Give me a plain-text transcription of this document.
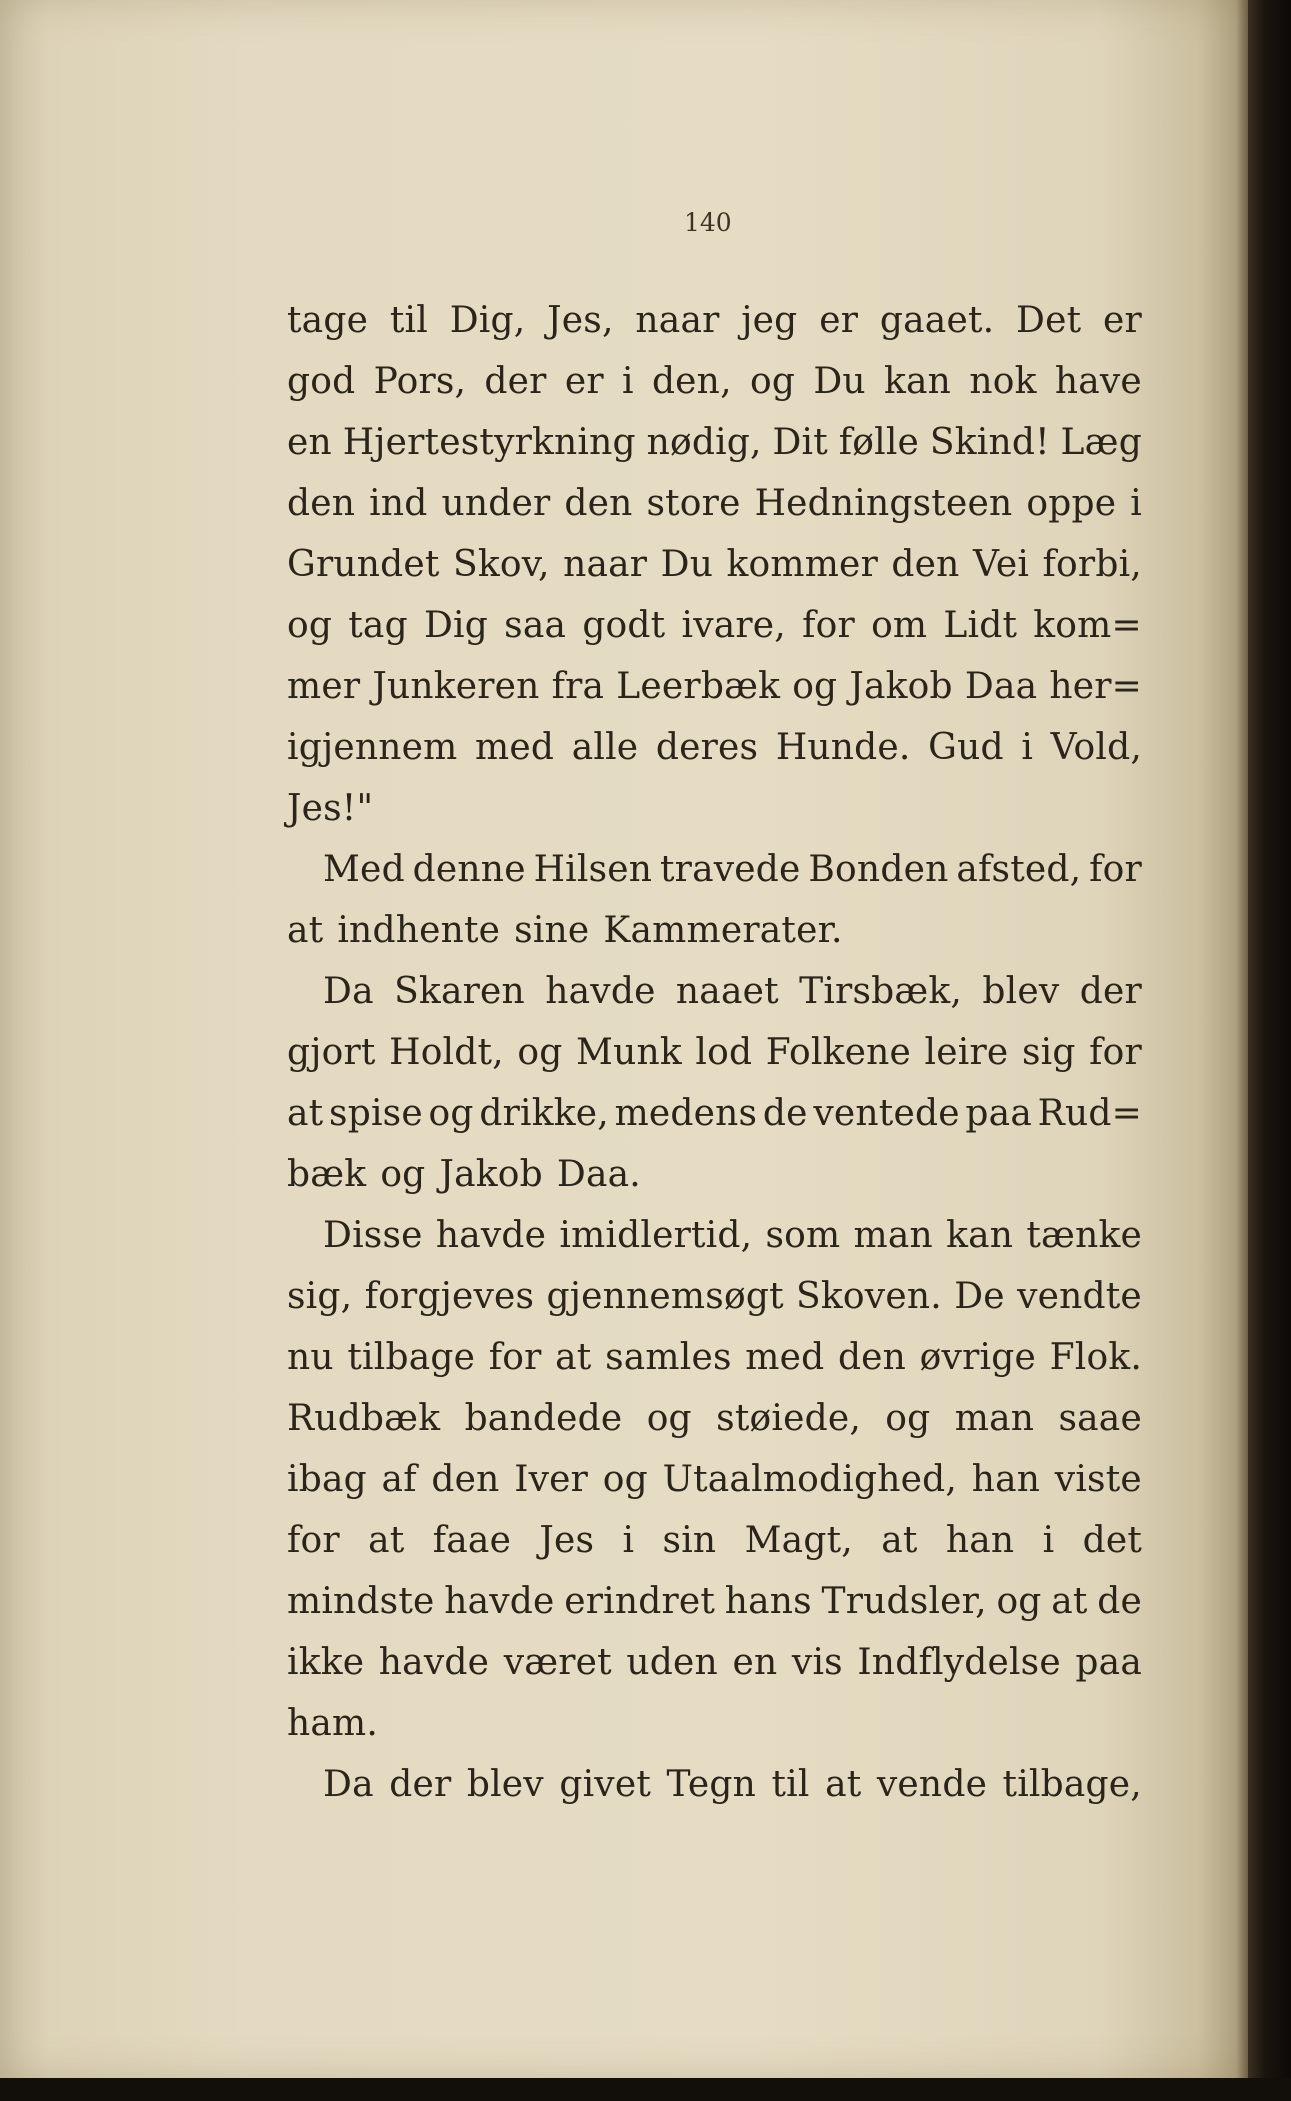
140
tage til Dig, Jes, naar jeg er gaaet. Det er
god Pors, der er i den, og Du kan nok have
en Hjertestyrkning nødig, Dit følle Skind! Læg
den ind under den store Hedningsteen oppe i
Grundet Skov, naar Du kommer den Vei forbi,
og tag Dig saa godt ivare, for om Lidt kom=
mer Junkeren fra Leerbæk og Jakob Daa her=
igjennem med alle deres Hunde. Gud i Vold,
Jes!"
Med denne Hilsen travede Bonden afsted, for
at indhente sine Kammerater.
Da Skaren havde naaet Tirsbæk, blev der
gjort Holdt, og Munk lod Folkene leire sig for
at spise og drikke, medens de ventede paa Rud=
bæk og Jakob Daa.
Disse havde imidlertid, som man kan tænke
sig, forgjeves gjennemsøgt Skoven. De vendte
nu tilbage for at samles med den øvrige Flok.
Rudbæk bandede og støiede, og man saae
ibag af den Iver og Utaalmodighed, han viste
for at faae Jes i sin Magt, at han i det
mindste havde erindret hans Trudsler, og at de
ikke havde været uden en vis Indflydelse paa
ham.
Da der blev givet Tegn til at vende tilbage,
